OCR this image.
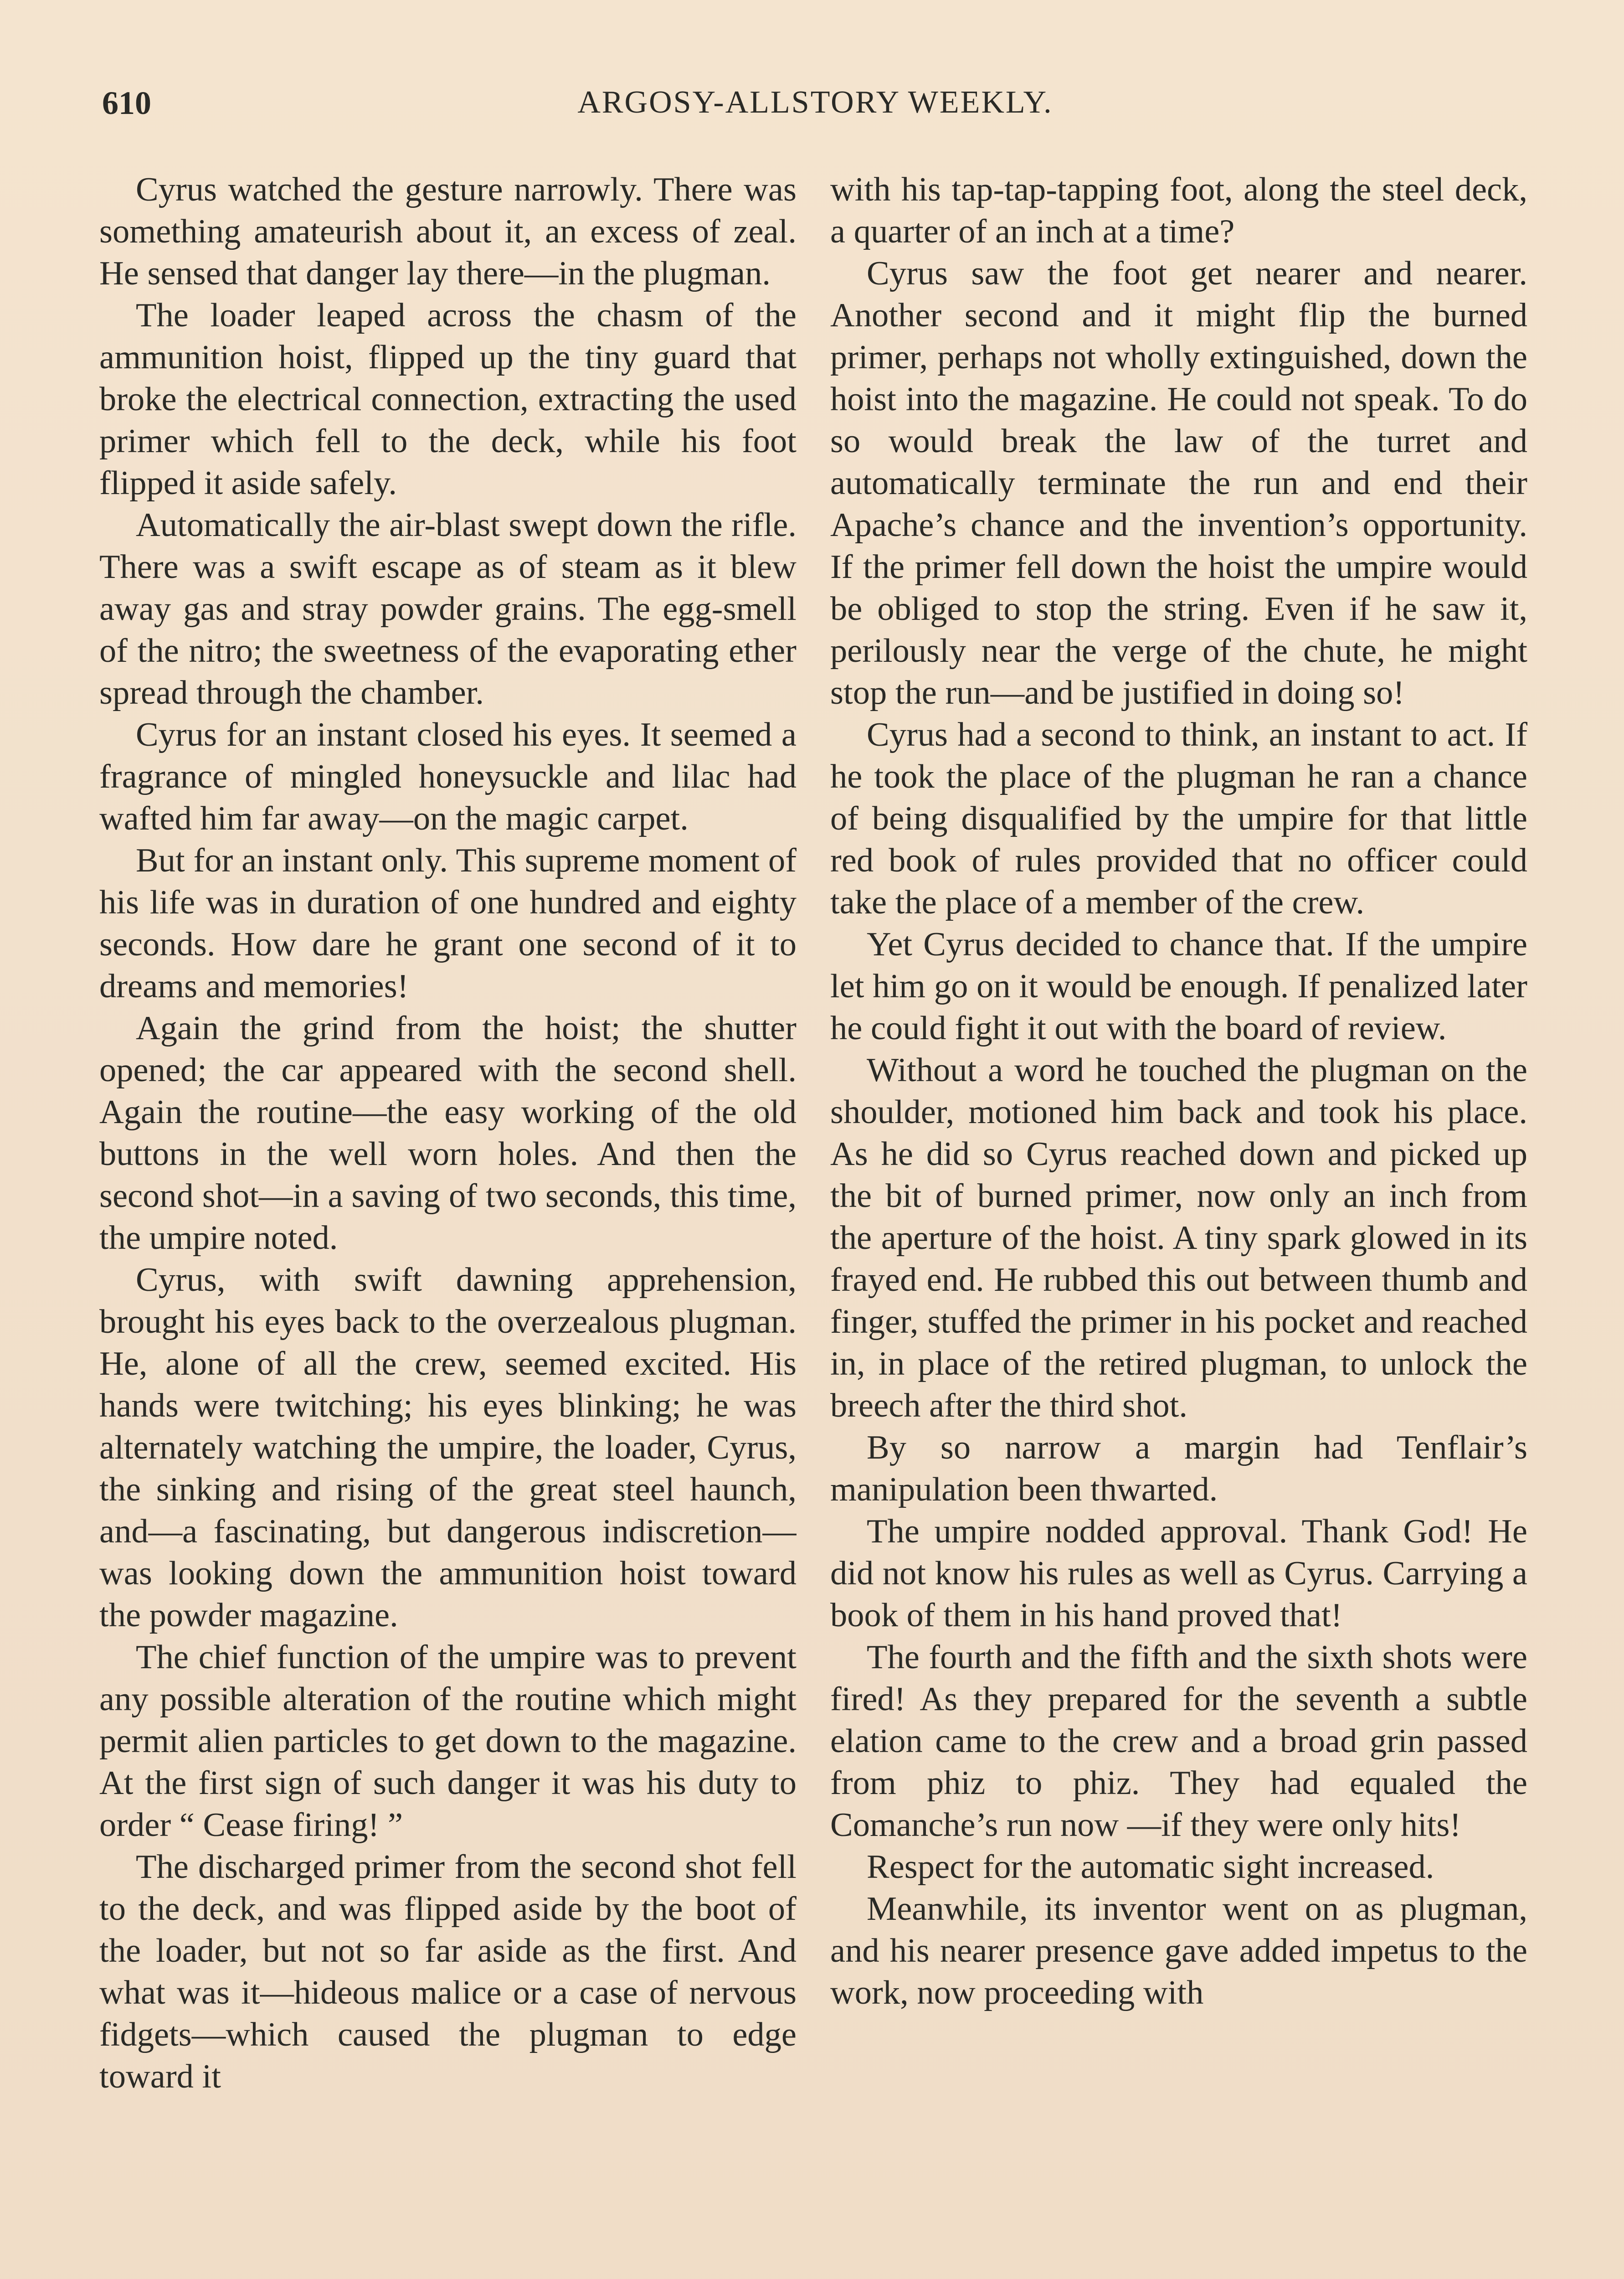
610	ARGOSY-ALLSTORY WEEKLY.

Cyrus watched the gesture narrowly. There was something amateurish about it, an excess of zeal. He sensed that danger lay there—in the plugman.

The loader leaped across the chasm of the ammunition hoist, flipped up the tiny guard that broke the electrical connection, extracting the used primer which fell to the deck, while his foot flipped it aside safely.

Automatically the air-blast swept down the rifle. There was a swift escape as of steam as it blew away gas and stray powder grains. The egg-smell of the nitro; the sweetness of the evaporating ether spread through the chamber.

Cyrus for an instant closed his eyes. It seemed a fragrance of mingled honeysuckle and lilac had wafted him far away—on the magic carpet.

But for an instant only. This supreme moment of his life was in duration of one hundred and eighty seconds. How dare he grant one second of it to dreams and memories!

Again the grind from the hoist; the shutter opened; the car appeared with the second shell. Again the routine—the easy working of the old buttons in the well worn holes. And then the second shot—in a saving of two seconds, this time, the umpire noted.

Cyrus, with swift dawning apprehension, brought his eyes back to the overzealous plugman. He, alone of all the crew, seemed excited. His hands were twitching; his eyes blinking; he was alternately watching the umpire, the loader, Cyrus, the sinking and rising of the great steel haunch, and—a fascinating, but dangerous indiscretion—was looking down the ammunition hoist toward the powder magazine.

The chief function of the umpire was to prevent any possible alteration of the routine which might permit alien particles to get down to the magazine. At the first sign of such danger it was his duty to order “ Cease firing! ”

The discharged primer from the second shot fell to the deck, and was flipped aside by the boot of the loader, but not so far aside as the first. And what was it—hideous malice or a case of nervous fidgets—which caused the plugman to edge toward it

with his tap-tap-tapping foot, along the steel deck, a quarter of an inch at a time?

Cyrus saw the foot get nearer and nearer. Another second and it might flip the burned primer, perhaps not wholly extinguished, down the hoist into the magazine. He could not speak. To do so would break the law of the turret and automatically terminate the run and end their Apache’s chance and the invention’s opportunity. If the primer fell down the hoist the umpire would be obliged to stop the string. Even if he saw it, perilously near the verge of the chute, he might stop the run—and be justified in doing so!

Cyrus had a second to think, an instant to act. If he took the place of the plugman he ran a chance of being disqualified by the umpire for that little red book of rules provided that no officer could take the place of a member of the crew.

Yet Cyrus decided to chance that. If the umpire let him go on it would be enough. If penalized later he could fight it out with the board of review.

Without a word he touched the plugman on the shoulder, motioned him back and took his place. As he did so Cyrus reached down and picked up the bit of burned primer, now only an inch from the aperture of the hoist. A tiny spark glowed in its frayed end. He rubbed this out between thumb and finger, stuffed the primer in his pocket and reached in, in place of the retired plugman, to unlock the breech after the third shot.

By so narrow a margin had Tenflair’s manipulation been thwarted.

The umpire nodded approval. Thank God! He did not know his rules as well as Cyrus. Carrying a book of them in his hand proved that!

The fourth and the fifth and the sixth shots were fired! As they prepared for the seventh a subtle elation came to the crew and a broad grin passed from phiz to phiz. They had equaled the Comanche’s run now —if they were only hits!

Respect for the automatic sight increased.

Meanwhile, its inventor went on as plugman, and his nearer presence gave added impetus to the work, now proceeding with
